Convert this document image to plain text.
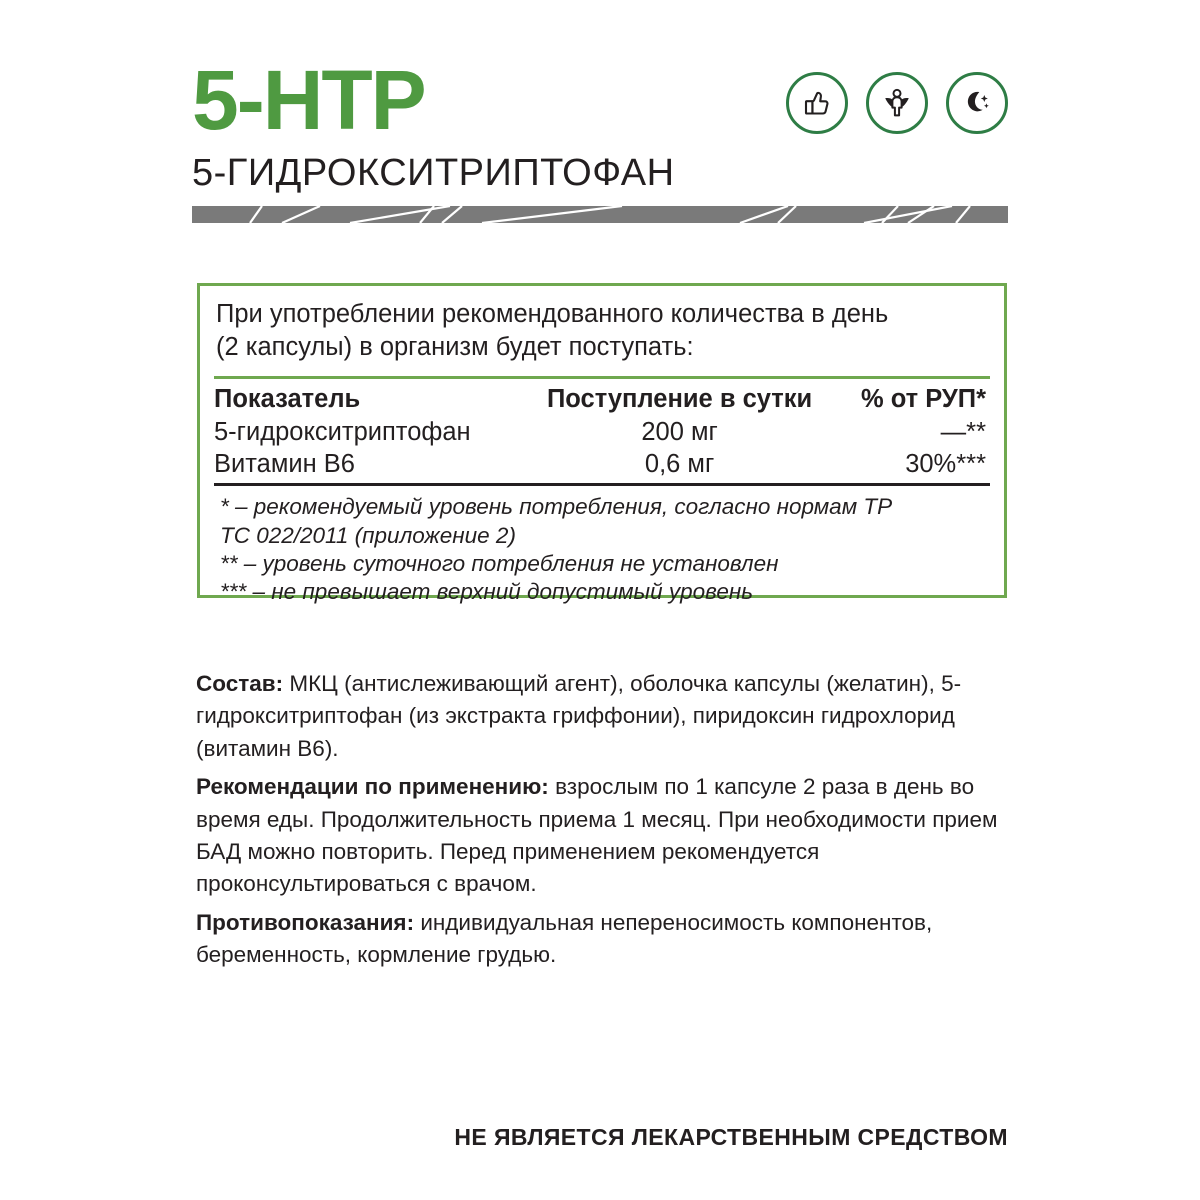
5-HTP
5-ГИДРОКСИТРИПТОФАН
При употреблении рекомендованного количества в день
(2 капсулы) в организм будет поступать:
Показатель	Поступление в сутки	% от РУП*
5-гидрокситриптофан	200 мг	—**
Витамин В6	0,6 мг	30%***
* – рекомендуемый уровень потребления, согласно нормам ТР
ТС 022/2011 (приложение 2)
** – уровень суточного потребления не установлен
*** – не превышает верхний допустимый уровень

Состав: МКЦ (антислеживающий агент), оболочка капсулы (желатин), 5-гидрокситриптофан (из экстракта гриффонии), пиридоксин гидрохлорид (витамин В6).

Рекомендации по применению: взрослым по 1 капсуле 2 раза в день во время еды. Продолжительность приема 1 месяц. При необходимости прием БАД можно повторить. Перед применением рекомендуется проконсультироваться с врачом.

Противопоказания: индивидуальная непереносимость компонентов, беременность, кормление грудью.

НЕ ЯВЛЯЕТСЯ ЛЕКАРСТВЕННЫМ СРЕДСТВОМ
